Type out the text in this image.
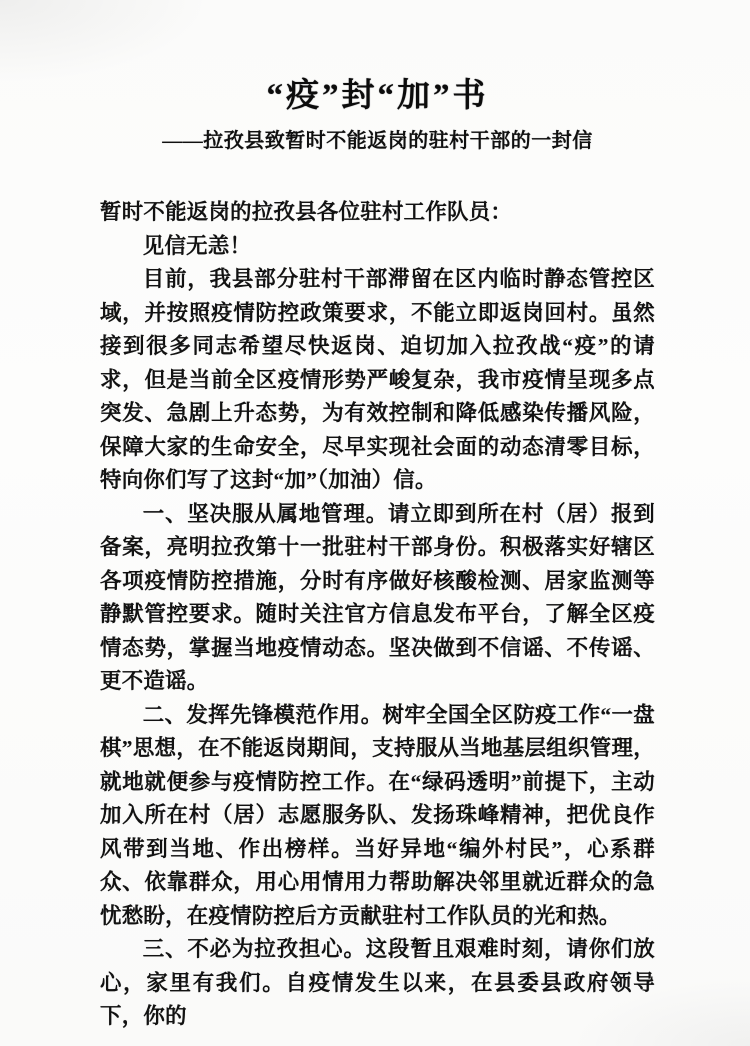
“疫”封“加”书
——拉孜县致暂时不能返岗的驻村干部的一封信

暂时不能返岗的拉孜县各位驻村工作队员：

见信无恙！

目前，我县部分驻村干部滞留在区内临时静态管控区域，并按照疫情防控政策要求，不能立即返岗回村。虽然接到很多同志希望尽快返岗、迫切加入拉孜战“疫”的请求，但是当前全区疫情形势严峻复杂，我市疫情呈现多点突发、急剧上升态势，为有效控制和降低感染传播风险，保障大家的生命安全，尽早实现社会面的动态清零目标，特向你们写了这封“加”（加油）信。

一、坚决服从属地管理。请立即到所在村（居）报到备案，亮明拉孜第十一批驻村干部身份。积极落实好辖区各项疫情防控措施，分时有序做好核酸检测、居家监测等静默管控要求。随时关注官方信息发布平台，了解全区疫情态势，掌握当地疫情动态。坚决做到不信谣、不传谣、更不造谣。

二、发挥先锋模范作用。树牢全国全区防疫工作“一盘棋”思想，在不能返岗期间，支持服从当地基层组织管理，就地就便参与疫情防控工作。在“绿码透明”前提下，主动加入所在村（居）志愿服务队、发扬珠峰精神，把优良作风带到当地、作出榜样。当好异地“编外村民”，心系群众、依靠群众，用心用情用力帮助解决邻里就近群众的急忧愁盼，在疫情防控后方贡献驻村工作队员的光和热。

三、不必为拉孜担心。这段暂且艰难时刻，请你们放心，家里有我们。自疫情发生以来，在县委县政府领导下，你的
